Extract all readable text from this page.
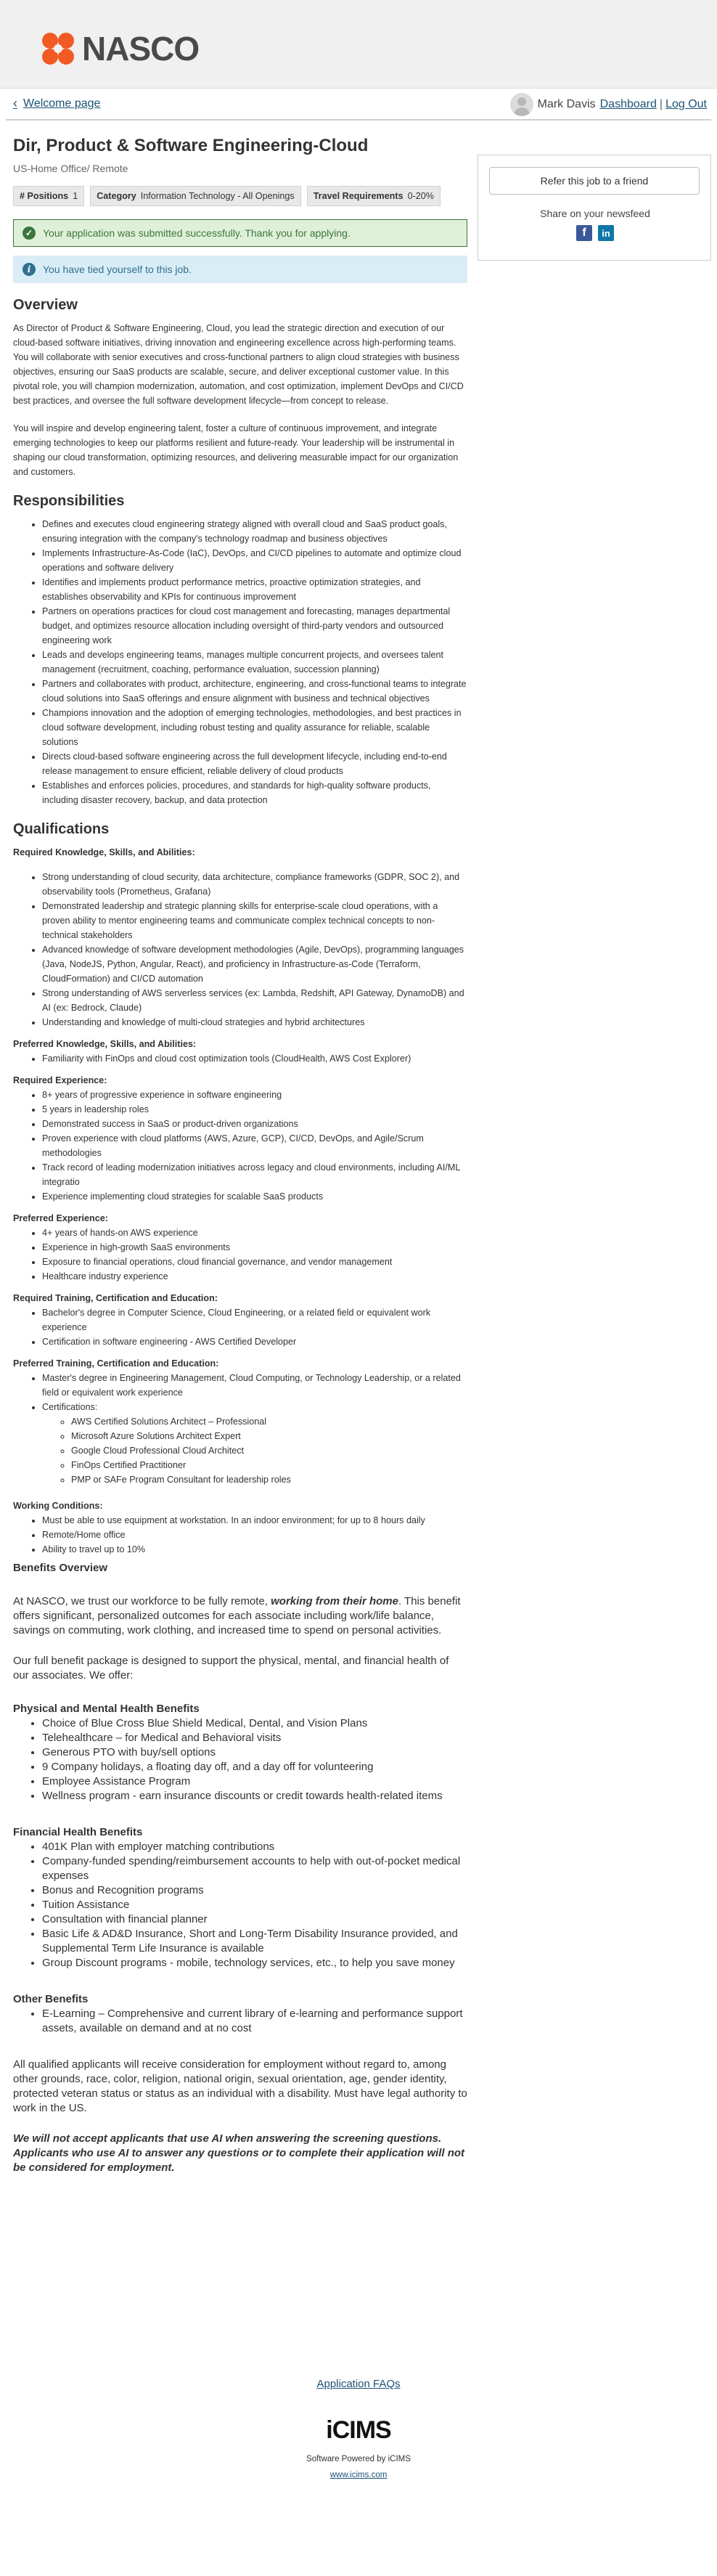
NASCO
‹ Welcome page	Mark Davis Dashboard | Log Out
Refer this job to a friend
Share on your newsfeed
f	in
Dir, Product & Software Engineering-Cloud
US-Home Office/ Remote
# Positions 1	Category Information Technology - All Openings	Travel Requirements 0-20%
✓ Your application was submitted successfully. Thank you for applying.
i	You have tied yourself to this job.
Overview

As Director of Product & Software Engineering, Cloud, you lead the strategic direction and execution of our cloud-based software initiatives, driving innovation and engineering excellence across high-performing teams. You will collaborate with senior executives and cross-functional partners to align cloud strategies with business objectives, ensuring our SaaS products are scalable, secure, and deliver exceptional customer value. In this pivotal role, you will champion modernization, automation, and cost optimization, implement DevOps and CI/CD best practices, and oversee the full software development lifecycle—from concept to release.

You will inspire and develop engineering talent, foster a culture of continuous improvement, and integrate emerging technologies to keep our platforms resilient and future-ready. Your leadership will be instrumental in shaping our cloud transformation, optimizing resources, and delivering measurable impact for our organization and customers.

Responsibilities
• Defines and executes cloud engineering strategy aligned with overall cloud and SaaS product goals, ensuring integration with the company's technology roadmap and business objectives
• Implements Infrastructure-As-Code (IaC), DevOps, and CI/CD pipelines to automate and optimize cloud operations and software delivery
• Identifies and implements product performance metrics, proactive optimization strategies, and establishes observability and KPIs for continuous improvement
• Partners on operations practices for cloud cost management and forecasting, manages departmental budget, and optimizes resource allocation including oversight of third-party vendors and outsourced engineering work
• Leads and develops engineering teams, manages multiple concurrent projects, and oversees talent management (recruitment, coaching, performance evaluation, succession planning)
• Partners and collaborates with product, architecture, engineering, and cross-functional teams to integrate cloud solutions into SaaS offerings and ensure alignment with business and technical objectives
• Champions innovation and the adoption of emerging technologies, methodologies, and best practices in cloud software development, including robust testing and quality assurance for reliable, scalable solutions
• Directs cloud-based software engineering across the full development lifecycle, including end-to-end release management to ensure efficient, reliable delivery of cloud products
• Establishes and enforces policies, procedures, and standards for high-quality software products, including disaster recovery, backup, and data protection
Qualifications
Required Knowledge, Skills, and Abilities:
• Strong understanding of cloud security, data architecture, compliance frameworks (GDPR, SOC 2), and observability tools (Prometheus, Grafana)
• Demonstrated leadership and strategic planning skills for enterprise-scale cloud operations, with a proven ability to mentor engineering teams and communicate complex technical concepts to non-technical stakeholders
• Advanced knowledge of software development methodologies (Agile, DevOps), programming languages (Java, NodeJS, Python, Angular, React), and proficiency in Infrastructure-as-Code (Terraform, CloudFormation) and CI/CD automation
• Strong understanding of AWS serverless services (ex: Lambda, Redshift, API Gateway, DynamoDB) and AI (ex: Bedrock, Claude)
• Understanding and knowledge of multi-cloud strategies and hybrid architectures
Preferred Knowledge, Skills, and Abilities:
• Familiarity with FinOps and cloud cost optimization tools (CloudHealth, AWS Cost Explorer)
Required Experience:
• 8+ years of progressive experience in software engineering
• 5 years in leadership roles
• Demonstrated success in SaaS or product-driven organizations
• Proven experience with cloud platforms (AWS, Azure, GCP), CI/CD, DevOps, and Agile/Scrum methodologies
• Track record of leading modernization initiatives across legacy and cloud environments, including AI/ML integratio
• Experience implementing cloud strategies for scalable SaaS products
Preferred Experience:
• 4+ years of hands-on AWS experience
• Experience in high-growth SaaS environments
• Exposure to financial operations, cloud financial governance, and vendor management
• Healthcare industry experience
Required Training, Certification and Education:
• Bachelor's degree in Computer Science, Cloud Engineering, or a related field or equivalent work experience
• Certification in software engineering - AWS Certified Developer
Preferred Training, Certification and Education:
• Master's degree in Engineering Management, Cloud Computing, or Technology Leadership, or a related field or equivalent work experience
• Certifications:
◦ AWS Certified Solutions Architect – Professional
◦ Microsoft Azure Solutions Architect Expert
◦ Google Cloud Professional Cloud Architect
◦ FinOps Certified Practitioner
◦ PMP or SAFe Program Consultant for leadership roles
Working Conditions:
• Must be able to use equipment at workstation. In an indoor environment; for up to 8 hours daily
• Remote/Home office
• Ability to travel up to 10%
Benefits Overview

At NASCO, we trust our workforce to be fully remote, working from their home. This benefit offers significant, personalized outcomes for each associate including work/life balance, savings on commuting, work clothing, and increased time to spend on personal activities.

Our full benefit package is designed to support the physical, mental, and financial health of our associates. We offer:

Physical and Mental Health Benefits
• Choice of Blue Cross Blue Shield Medical, Dental, and Vision Plans
• Telehealthcare – for Medical and Behavioral visits
• Generous PTO with buy/sell options
• 9 Company holidays, a floating day off, and a day off for volunteering
• Employee Assistance Program
• Wellness program - earn insurance discounts or credit towards health-related items
Financial Health Benefits
• 401K Plan with employer matching contributions
• Company-funded spending/reimbursement accounts to help with out-of-pocket medical expenses
• Bonus and Recognition programs
• Tuition Assistance
• Consultation with financial planner
• Basic Life & AD&D Insurance, Short and Long-Term Disability Insurance provided, and Supplemental Term Life Insurance is available
• Group Discount programs - mobile, technology services, etc., to help you save money
Other Benefits
• E-Learning – Comprehensive and current library of e-learning and performance support assets, available on demand and at no cost

All qualified applicants will receive consideration for employment without regard to, among other grounds, race, color, religion, national origin, sexual orientation, age, gender identity, protected veteran status or status as an individual with a disability. Must have legal authority to work in the US.

We will not accept applicants that use AI when answering the screening questions. Applicants who use AI to answer any questions or to complete their application will not be considered for employment.

Application FAQs
iCIMS
Software Powered by iCIMS
www.icims.com
